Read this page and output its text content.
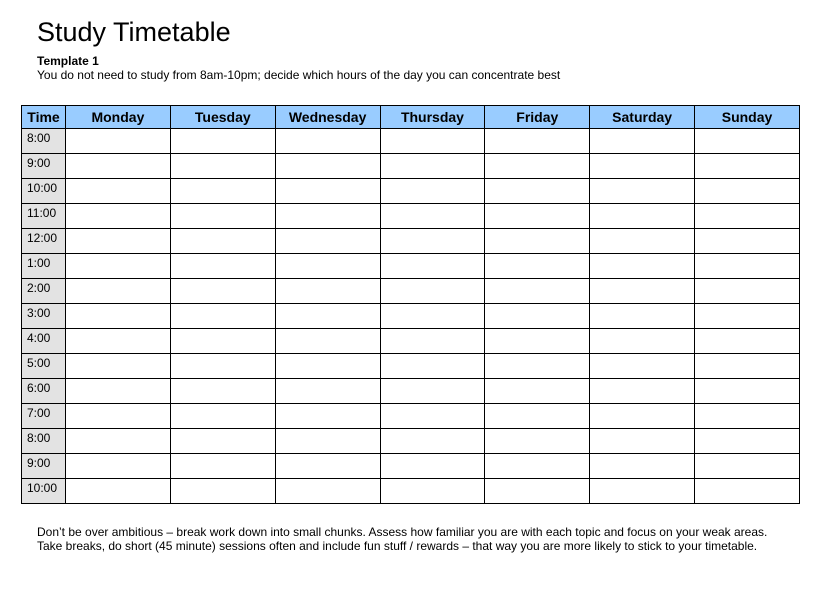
Study Timetable
Template 1
You do not need to study from 8am-10pm; decide which hours of the day you can concentrate best
Time	Monday	Tuesday	Wednesday	Thursday	Friday	Saturday	Sunday
8:00							
9:00							
10:00							
11:00							
12:00							
1:00							
2:00							
3:00							
4:00							
5:00							
6:00							
7:00							
8:00							
9:00							
10:00							
Don’t be over ambitious – break work down into small chunks. Assess how familiar you are with each topic and focus on your weak areas. Take breaks, do short (45 minute) sessions often and include fun stuff / rewards – that way you are more likely to stick to your timetable.
